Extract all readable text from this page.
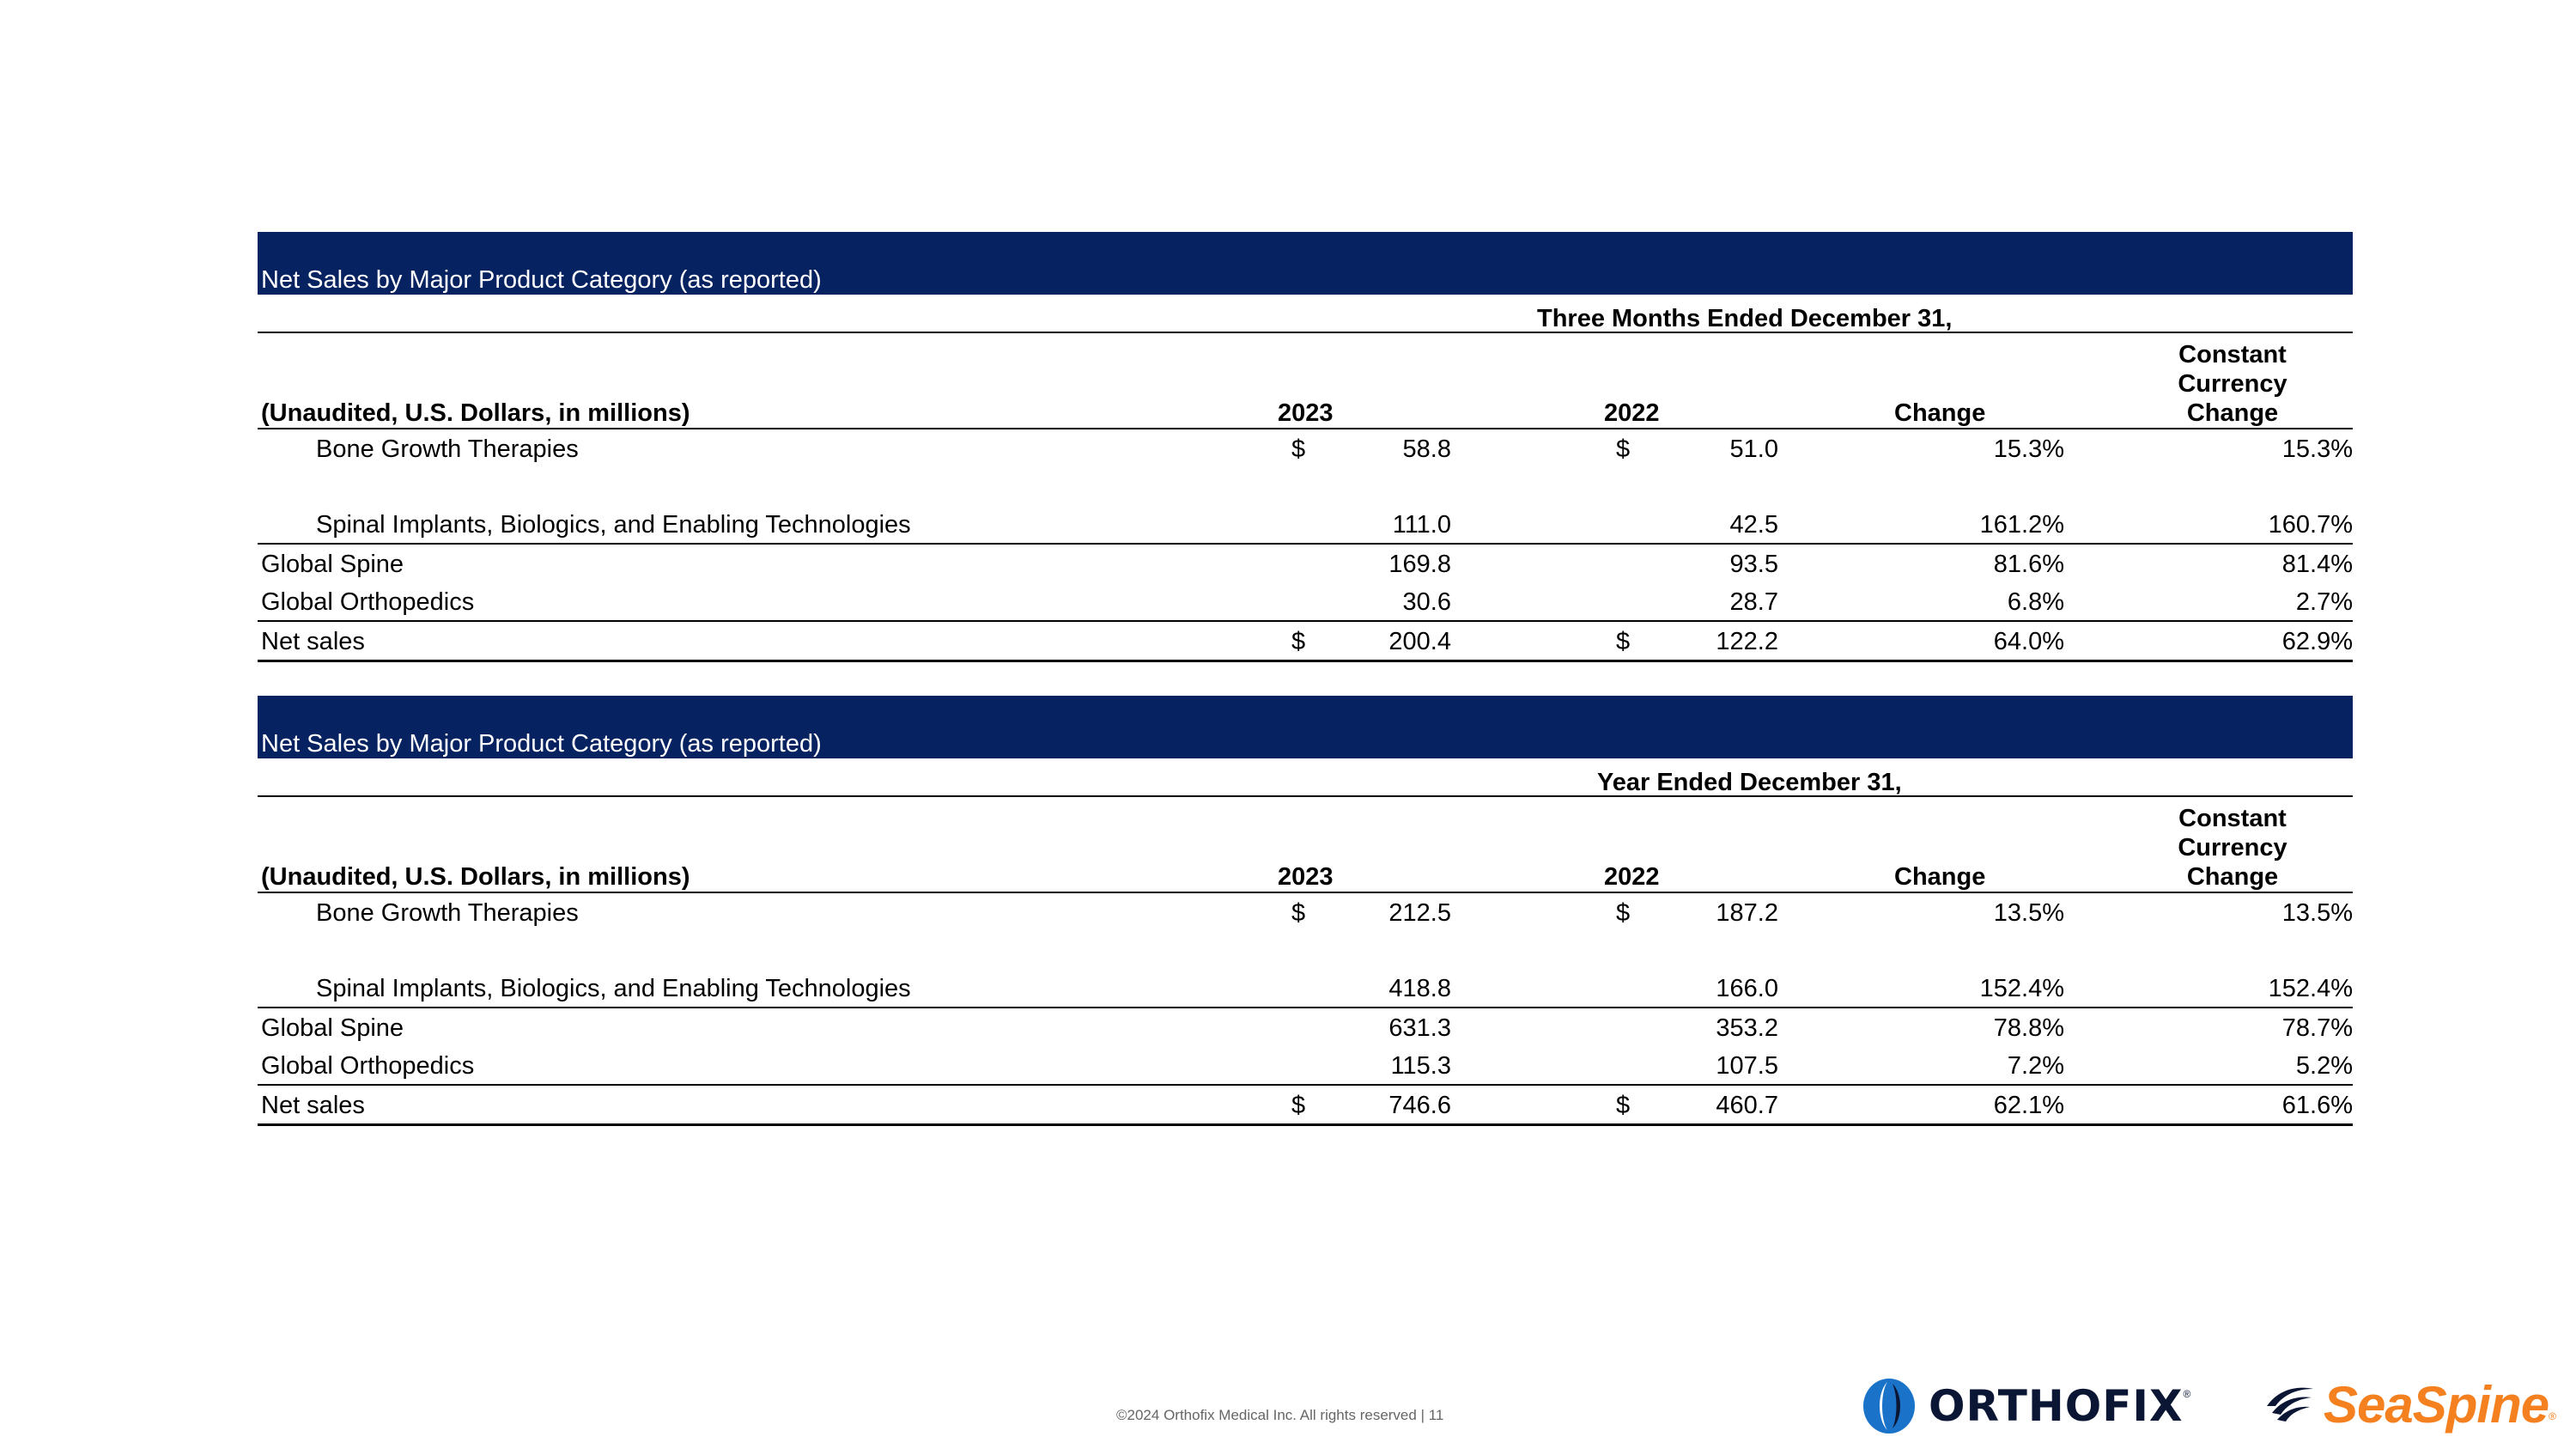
Net Sales by Major Product Category (as reported)
Three Months Ended December 31,
(Unaudited, U.S. Dollars, in millions)	2023	2022	Change
Constant
Currency
Change
Bone Growth Therapies	$	58.8	$	51.0	15.3%	15.3%
Spinal Implants, Biologics, and Enabling Technologies	111.0	42.5	161.2%	160.7%
Global Spine	169.8	93.5	81.6%	81.4%
Global Orthopedics	30.6	28.7	6.8%	2.7%
Net sales	$	200.4	$	122.2	64.0%	62.9%
Net Sales by Major Product Category (as reported)
Year Ended December 31,
(Unaudited, U.S. Dollars, in millions)	2023	2022	Change
Constant
Currency
Change
Bone Growth Therapies	$	212.5	$	187.2	13.5%	13.5%
Spinal Implants, Biologics, and Enabling Technologies	418.8	166.0	152.4%	152.4%
Global Spine	631.3	353.2	78.8%	78.7%
Global Orthopedics	115.3	107.5	7.2%	5.2%
Net sales	$	746.6	$	460.7	62.1%	61.6%
©2024 Orthofix Medical Inc. All rights reserved | 11	ORTHOFIX ®	SeaSpine ®
